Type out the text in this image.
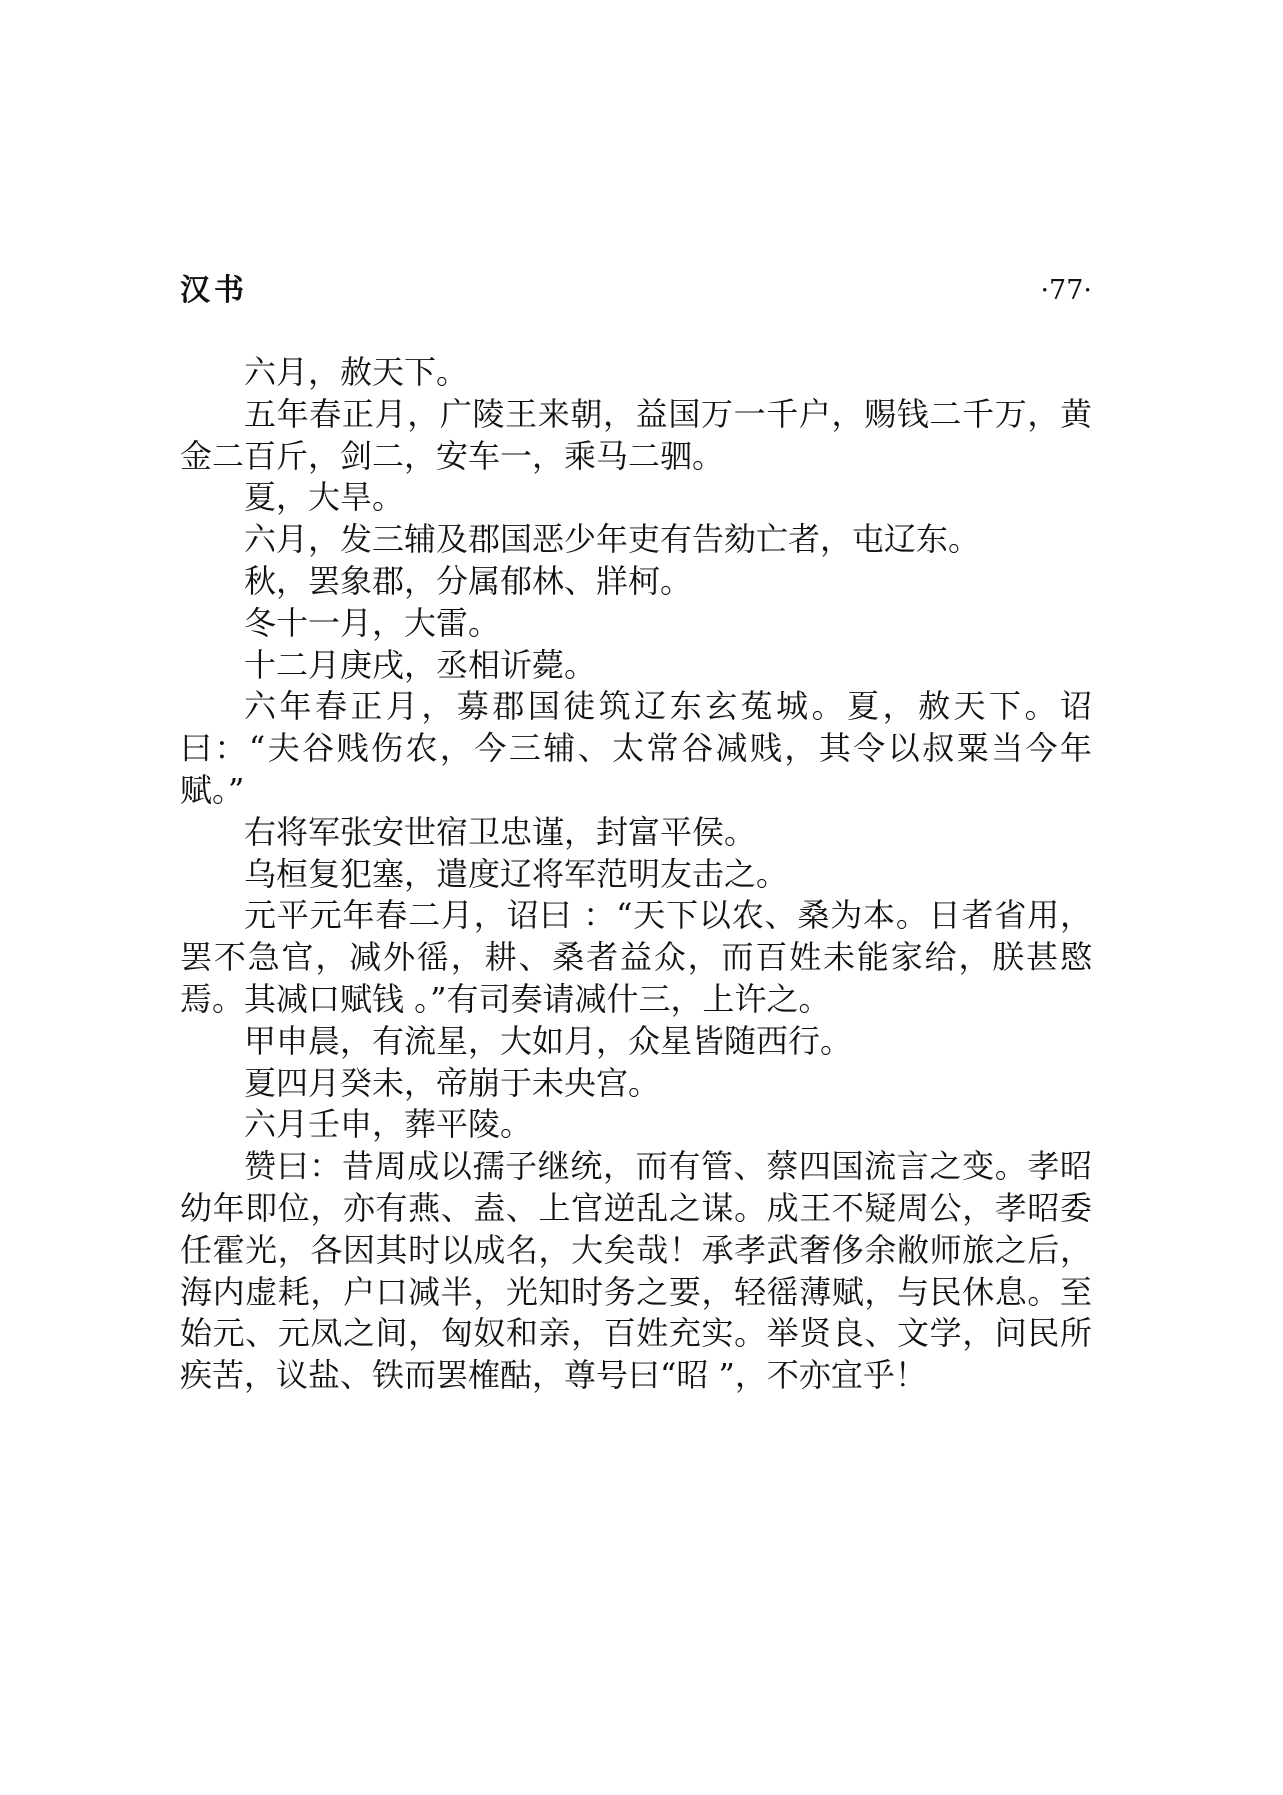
汉书	·77·

六月，赦天下。

五年春正月，广陵王来朝，益国万一千户，赐钱二千万，黄金二百斤，剑二，安车一，乘马二驷。

夏，大旱。

六月，发三辅及郡国恶少年吏有告劾亡者，屯辽东。

秋，罢象郡，分属郁林、牂柯。

冬十一月，大雷。

十二月庚戌，丞相䜣薨。

六年春正月，募郡国徒筑辽东玄菟城。夏，赦天下。诏曰：“夫谷贱伤农，今三辅、太常谷减贱，其令以叔粟当今年赋。”

右将军张安世宿卫忠谨，封富平侯。

乌桓复犯塞，遣度辽将军范明友击之。

元平元年春二月，诏曰 ：“天下以农、桑为本。日者省用，罢不急官，减外徭，耕、桑者益众，而百姓未能家给，朕甚愍焉。其减口赋钱 。”有司奏请减什三，上许之。

甲申晨，有流星，大如月，众星皆随西行。

夏四月癸未，帝崩于未央宫。

六月壬申，葬平陵。

赞曰：昔周成以孺子继统，而有管、蔡四国流言之变。孝昭幼年即位，亦有燕、盍、上官逆乱之谋。成王不疑周公，孝昭委任霍光，各因其时以成名，大矣哉！承孝武奢侈余敝师旅之后，海内虚耗，户口减半，光知时务之要，轻徭薄赋，与民休息。至始元、元凤之间，匈奴和亲，百姓充实。举贤良、文学，问民所疾苦，议盐、铁而罢榷酤，尊号曰“昭 ”，不亦宜乎！
